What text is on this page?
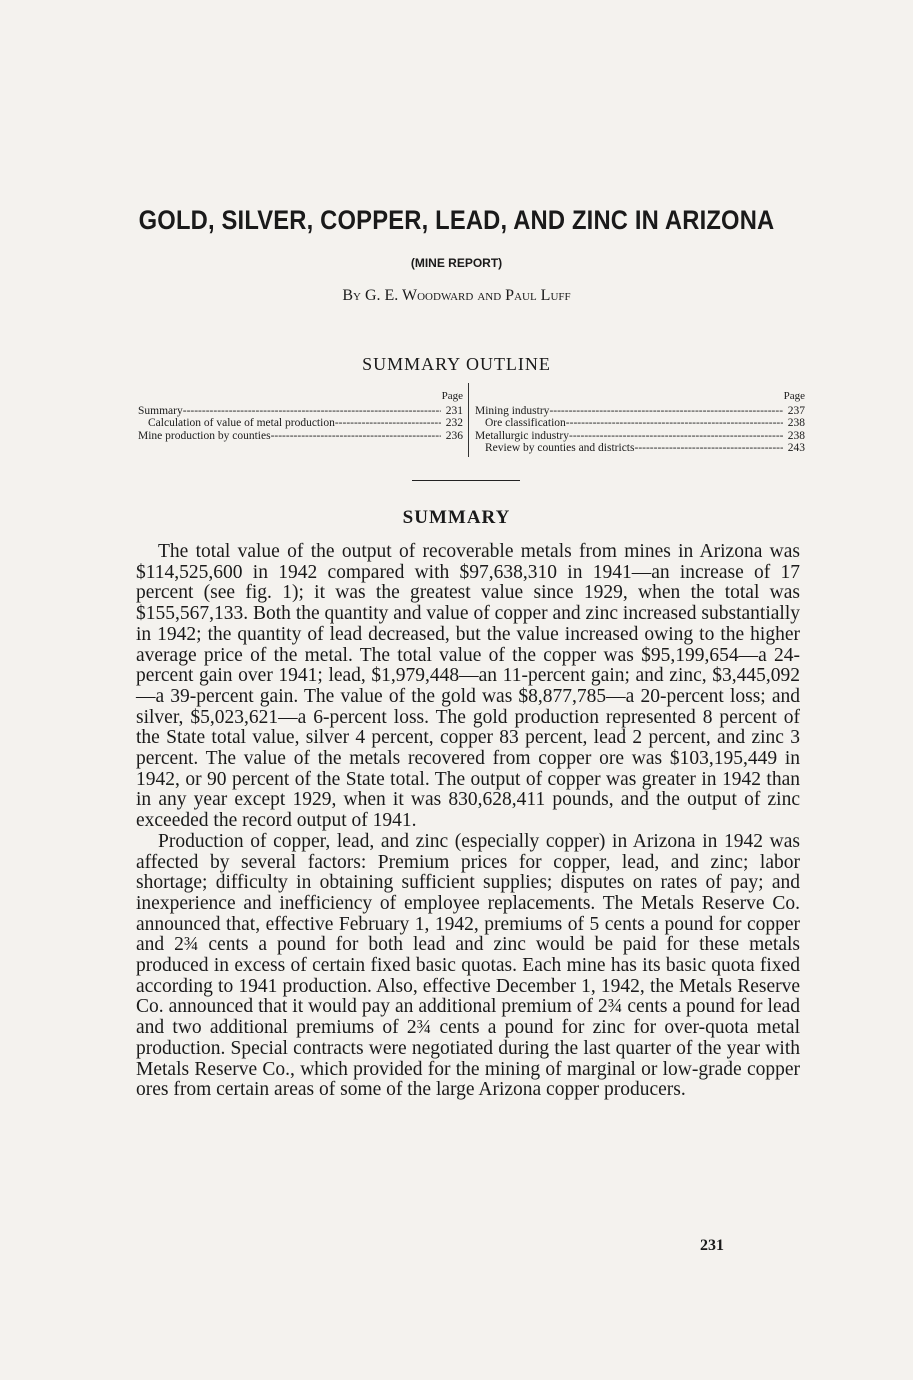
GOLD, SILVER, COPPER, LEAD, AND ZINC IN ARIZONA
(MINE REPORT)
By G. E. Woodward and Paul Luff
SUMMARY OUTLINE
Page
Summary -----	231
Calculation of value of metal production -----	232
Mine production by counties -----	236
Page
Mining industry -----	237
Ore classification -----	238
Metallurgic industry -----	238
Review by counties and districts -----	243
SUMMARY

The total value of the output of recoverable metals from mines in Arizona was $114,525,600 in 1942 compared with $97,638,310 in 1941—an increase of 17 percent (see fig. 1); it was the greatest value since 1929, when the total was $155,567,133. Both the quantity and value of copper and zinc increased substantially in 1942; the quantity of lead decreased, but the value increased owing to the higher average price of the metal. The total value of the copper was $95,199,654—a 24-percent gain over 1941; lead, $1,979,448—an 11-percent gain; and zinc, $3,445,092—a 39-percent gain. The value of the gold was $8,877,785—a 20-percent loss; and silver, $5,023,621—a 6-percent loss. The gold production represented 8 percent of the State total value, silver 4 percent, copper 83 percent, lead 2 percent, and zinc 3 percent. The value of the metals recovered from copper ore was $103,195,449 in 1942, or 90 percent of the State total. The output of copper was greater in 1942 than in any year except 1929, when it was 830,628,411 pounds, and the output of zinc exceeded the record output of 1941.

Production of copper, lead, and zinc (especially copper) in Arizona in 1942 was affected by several factors: Premium prices for copper, lead, and zinc; labor shortage; difficulty in obtaining sufficient supplies; disputes on rates of pay; and inexperience and inefficiency of employee replacements. The Metals Reserve Co. announced that, effective February 1, 1942, premiums of 5 cents a pound for copper and 2¾ cents a pound for both lead and zinc would be paid for these metals produced in excess of certain fixed basic quotas. Each mine has its basic quota fixed according to 1941 production. Also, effective December 1, 1942, the Metals Reserve Co. announced that it would pay an additional premium of 2¾ cents a pound for lead and two additional premiums of 2¾ cents a pound for zinc for over-quota metal production. Special contracts were negotiated during the last quarter of the year with Metals Reserve Co., which provided for the mining of marginal or low-grade copper ores from certain areas of some of the large Arizona copper producers.

231
